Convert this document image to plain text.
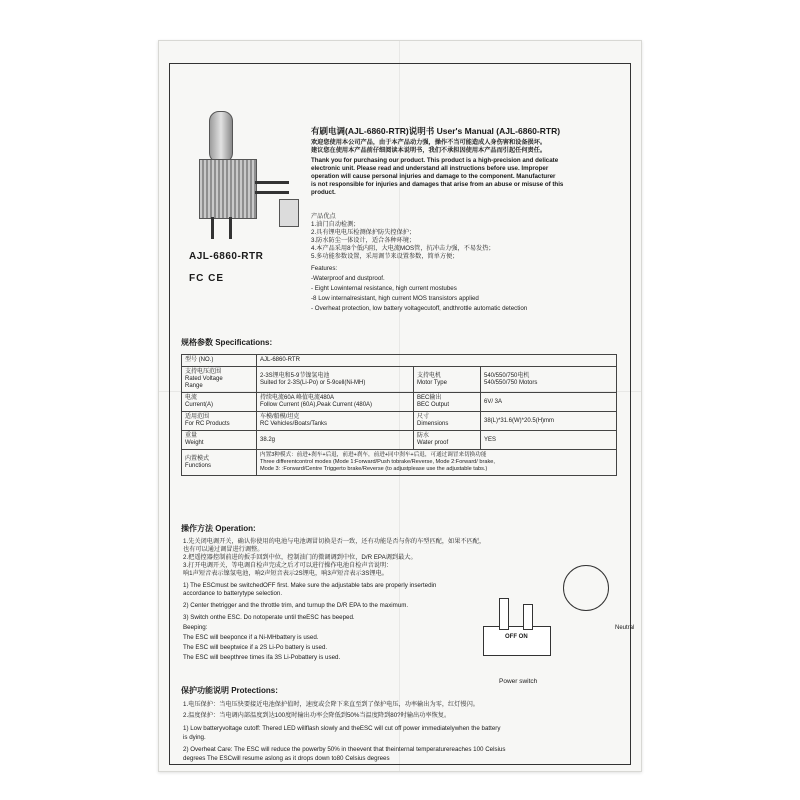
AJL-6860-RTR
FC CE
有刷电调(AJL-6860-RTR)说明书 User's Manual (AJL-6860-RTR)
欢迎您使用本公司产品，由于本产品动力强，操作不当可能造成人身伤害和设备损坏。
建议您在使用本产品前仔细阅读本说明书，我们不承担因使用本产品而引起任何责任。
Thank you for purchasing our product. This product is a high-precision and delicate
electronic unit. Please read and understand all instructions before use. Improper
operation will cause personal injuries and damage to the component. Manufacturer
is not responsible for injuries and damages that arise from an abuse or misuse of this
product.
产品优点
1.油门自动检测；
2.具有锂电电压检测保护防失控保护；
3.防水防尘一体设计，适合各种环境；
4.本产品采用8个低内阻，大电流MOS管，抗冲击力强，不易发热；
5.多功能参数设置，采用调节来设置参数，简单方便；
Features:
-Waterproof and dustproof.
- Eight Lowinternal resistance, high current mostubes
-8 Low internalresistant, high current MOS transistors applied
- Overheat protection, low battery voltagecutoff, andthrottle automatic detection
规格参数 Specifications:
型号 (NO.)	AJL-6860-RTR		
支持电压范围
Rated Voltage
Range	2-3S锂电和5-9节镍氢电池
Suited for 2-3S(Li-Po) or 5-9cell(Ni-MH)	支持电机
Motor Type	540/550/750电机
540/550/750 Motors
电流
Current(A)	持续电流60A 峰值电流480A
Follow Current (60A),Peak Current (480A)	BEC输出
BEC Output	6V/ 3A
适用范围
For RC Products	车模/船模/坦克
RC Vehicles/Boats/Tanks	尺寸
Dimensions	38(L)*31.6(W)*20.5(H)mm
重量
Weight	38.2g	防水
Water proof	YES
内置模式
Functions	内置3种模式：前进+刹车+后退，前进+刹车，前进+同中刹车+后退，可通过调冒来切换功能
Three differentcontrol modes (Mode 1:Forward/Push tobrake/Reverse, Mode 2:Forward/ brake,
Mode 3: :Forward/Centre Triggerto brake/Reverse (to adjustplease use the adjustable tabs.)		
操作方法 Operation:
1.先关闭电调开关，确认你使用的电池与电池调冒切换是否一致，还有功能是否与你的车型匹配，如果不匹配，
也有可以通过调冒进行调整。
2.把遥控器控制前进的扳手回到中位，控制油门的微调调到中位，D/R EPA调到最大。
3.打开电调开关，等电调自检声完成之后才可以进行操作电池自检声音说明：
响1声短音表示镍氢电池，响2声短音表示2S锂电，响3声短音表示3S锂电。
1) The ESCmust be switchedOFF first. Make sure the adjustable tabs are properly insertedin
accordance to batterytype selection.
2) Center thetrigger and the throttle trim, and turnup the D/R EPA to the maximum.
3) Switch onthe ESC. Do notoperate until theESC has beeped.
Beeping:
The ESC will beeponce if a Ni-MHbattery is used.
The ESC will beeptwice if a 2S Li-Po battery is used.
The ESC will beepthree times ifa 3S Li-Pobattery is used.
OFF ON
Power switch
Neutral
保护功能说明 Protections:
1.电压保护：当电压快要接近电池保护值时，速度或会降下来直至到了保护电压，功率输出为零，红灯慢闪。
2.温度保护：当电调内部温度到达100度时输出功率会降低到50%当温度降到80?时输出功率恢复。
1) Low batteryvoltage cutoff: Thered LED willflash slowly and theESC will cut off power immediatelywhen the battery
is dying.
2) Overheat Care: The ESC will reduce the powerby 50% in theevent that theinternal temperaturereaches 100 Celsius
degrees The ESCwill resume aslong as it drops down to80 Celsius degrees
